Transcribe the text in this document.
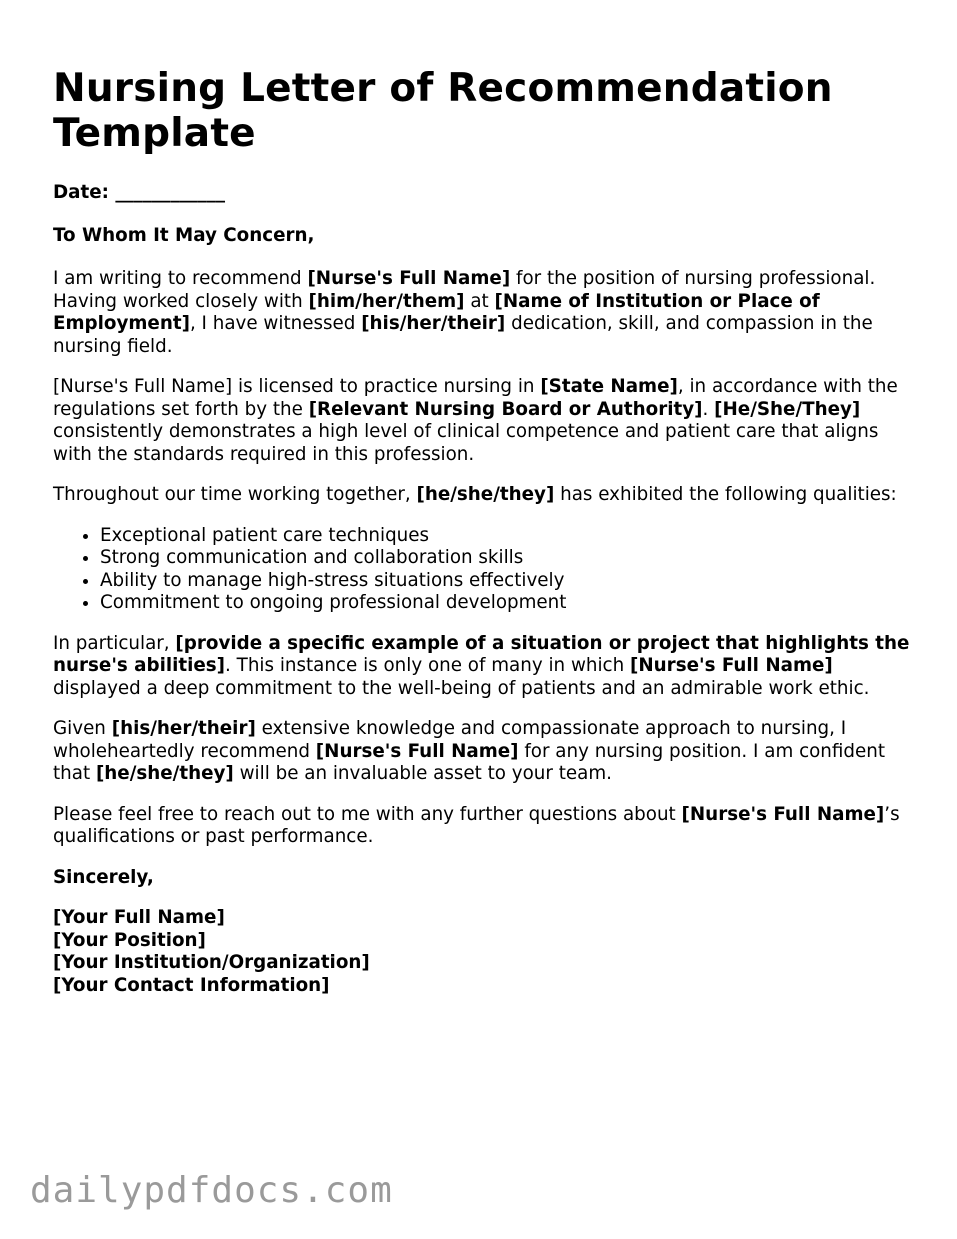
Nursing Letter of Recommendation Template

Date: ____________

To Whom It May Concern,

I am writing to recommend [Nurse's Full Name] for the position of nursing professional. Having worked closely with [him/her/them] at [Name of Institution or Place of Employment], I have witnessed [his/her/their] dedication, skill, and compassion in the nursing field.

[Nurse's Full Name] is licensed to practice nursing in [State Name], in accordance with the regulations set forth by the [Relevant Nursing Board or Authority]. [He/She/They] consistently demonstrates a high level of clinical competence and patient care that aligns with the standards required in this profession.

Throughout our time working together, [he/she/they] has exhibited the following qualities:

• Exceptional patient care techniques
• Strong communication and collaboration skills
• Ability to manage high-stress situations effectively
• Commitment to ongoing professional development

In particular, [provide a specific example of a situation or project that highlights the nurse's abilities]. This instance is only one of many in which [Nurse's Full Name] displayed a deep commitment to the well-being of patients and an admirable work ethic.

Given [his/her/their] extensive knowledge and compassionate approach to nursing, I wholeheartedly recommend [Nurse's Full Name] for any nursing position. I am confident that [he/she/they] will be an invaluable asset to your team.

Please feel free to reach out to me with any further questions about [Nurse's Full Name]’s qualifications or past performance.

Sincerely,

[Your Full Name]

[Your Position]

[Your Institution/Organization]

[Your Contact Information]

dailypdfdocs.com
